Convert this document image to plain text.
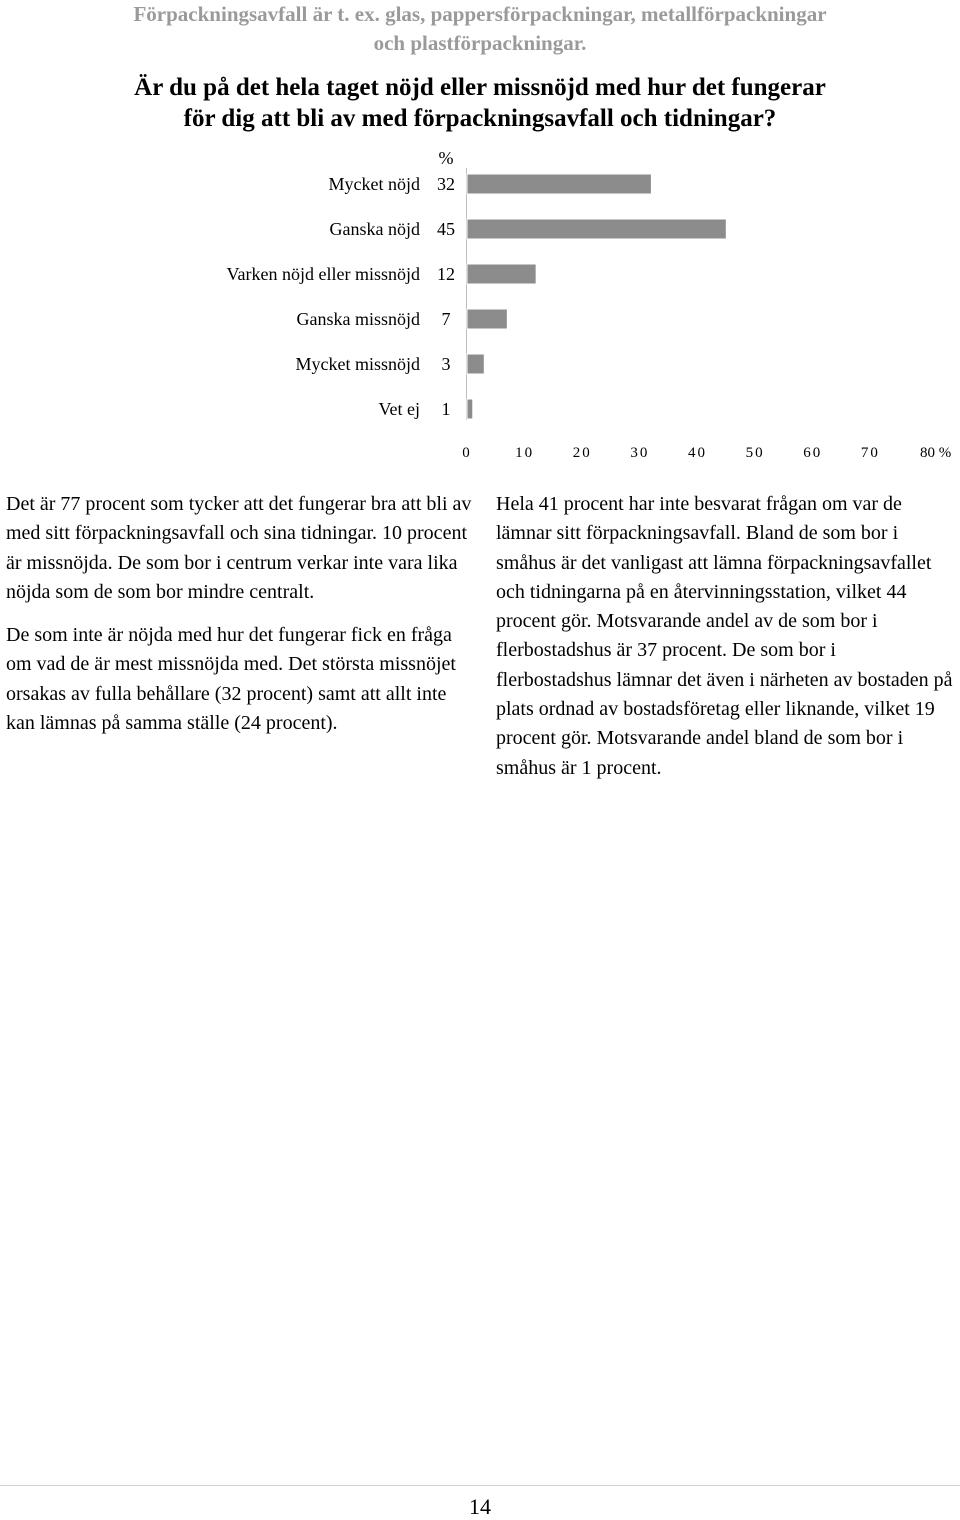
Förpackningsavfall är t. ex. glas, pappersförpackningar, metallförpackningar
och plastförpackningar.
Är du på det hela taget nöjd eller missnöjd med hur det fungerar
för dig att bli av med förpackningsavfall och tidningar?
%
Mycket nöjd 32
Ganska nöjd 45
Varken nöjd eller missnöjd 12
Ganska missnöjd 7
Mycket missnöjd 3
Vet ej 1
0	10	20	30	40	50	60	70	80 %

Det är 77 procent som tycker att det fungerar bra att bli av med sitt förpackningsavfall och sina tidningar. 10 procent är missnöjda. De som bor i centrum verkar inte vara lika nöjda som de som bor mindre centralt.

De som inte är nöjda med hur det fungerar fick en fråga om vad de är mest missnöjda med. Det största missnöjet orsakas av fulla behållare (32 procent) samt att allt inte kan lämnas på samma ställe (24 procent).

Hela 41 procent har inte besvarat frågan om var de lämnar sitt förpackningsavfall. Bland de som bor i småhus är det vanligast att lämna förpackningsavfallet och tidningarna på en återvinningsstation, vilket 44 procent gör. Motsvarande andel av de som bor i flerbostadshus är 37 procent. De som bor i flerbostadshus lämnar det även i närheten av bostaden på plats ordnad av bostadsföretag eller liknande, vilket 19 procent gör. Motsvarande andel bland de som bor i småhus är 1 procent.

14
